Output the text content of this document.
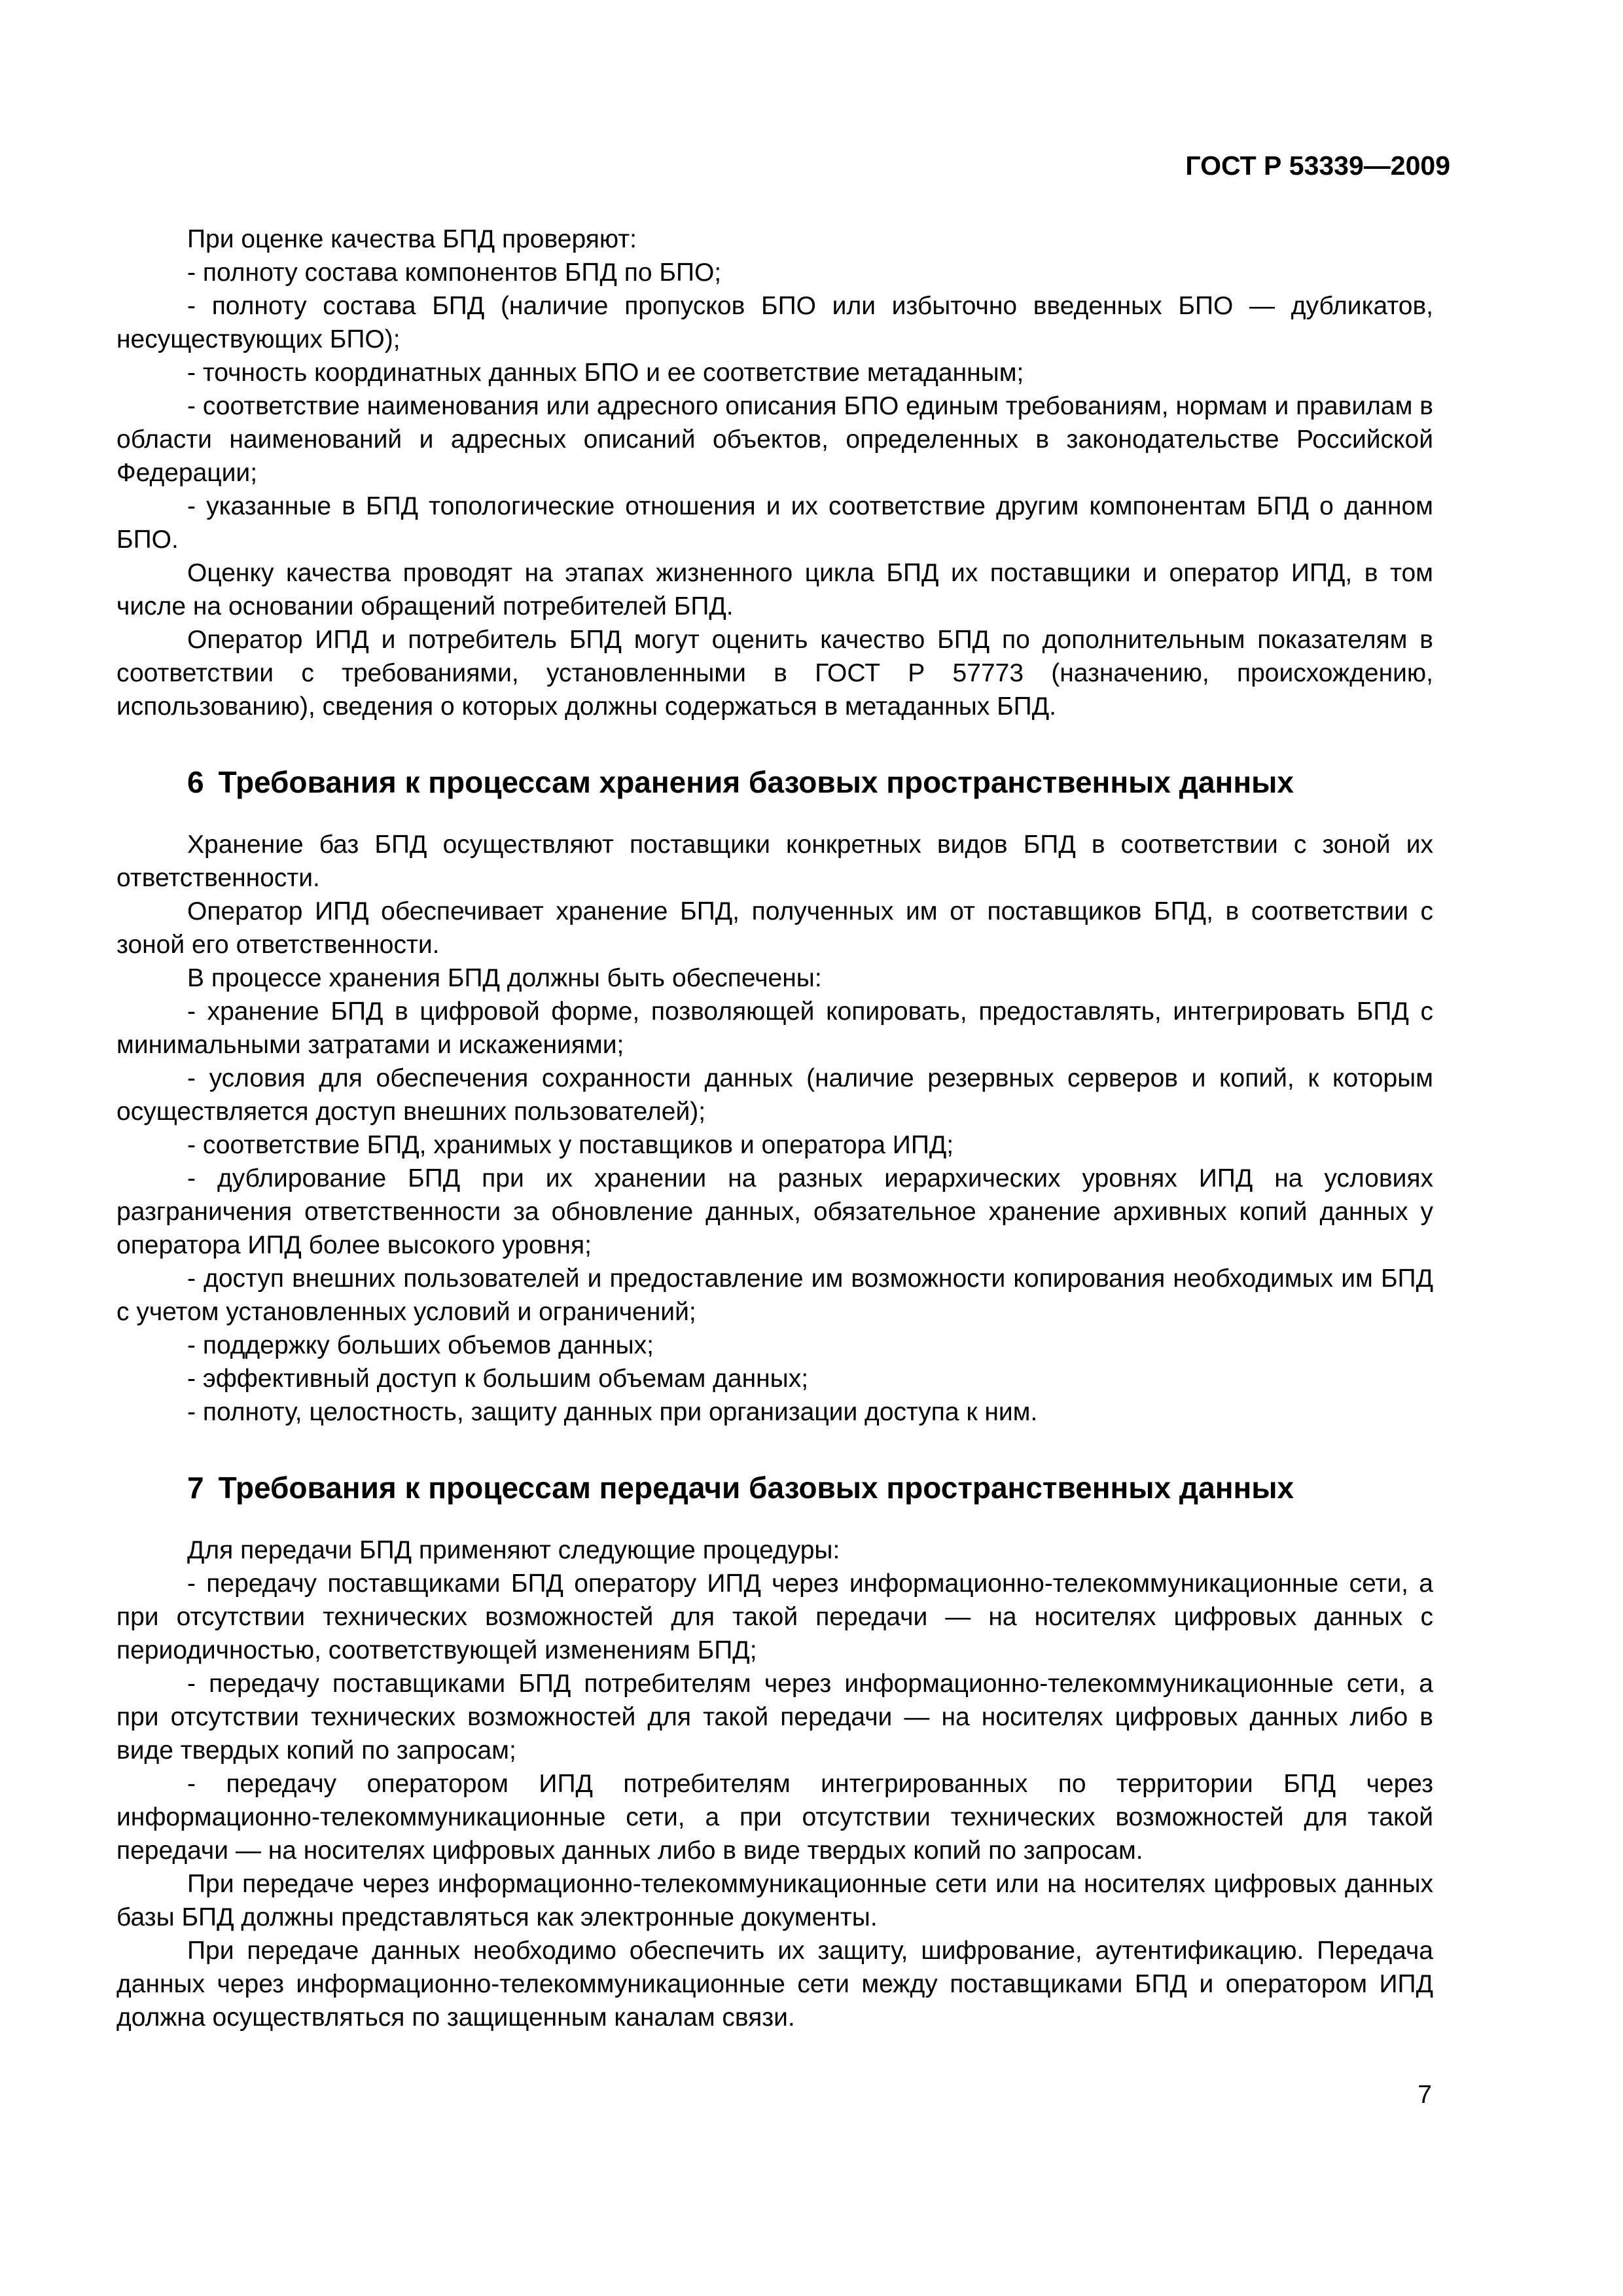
ГОСТ Р 53339—2009

При оценке качества БПД проверяют:

- полноту состава компонентов БПД по БПО;

- полноту состава БПД (наличие пропусков БПО или избыточно введенных БПО — дубликатов, несуществующих БПО);

- точность координатных данных БПО и ее соответствие метаданным;

- соответствие наименования или адресного описания БПО единым требованиям, нормам и правилам в области наименований и адресных описаний объектов, определенных в законодательстве Российской Федерации;

- указанные в БПД топологические отношения и их соответствие другим компонентам БПД о данном БПО.

Оценку качества проводят на этапах жизненного цикла БПД их поставщики и оператор ИПД, в том числе на основании обращений потребителей БПД.

Оператор ИПД и потребитель БПД могут оценить качество БПД по дополнительным показателям в соответствии с требованиями, установленными в ГОСТ Р 57773 (назначению, происхождению, использованию), сведения о которых должны содержаться в метаданных БПД.

6 Требования к процессам хранения базовых пространственных данных

Хранение баз БПД осуществляют поставщики конкретных видов БПД в соответствии с зоной их ответственности.

Оператор ИПД обеспечивает хранение БПД, полученных им от поставщиков БПД, в соответствии с зоной его ответственности.

В процессе хранения БПД должны быть обеспечены:

- хранение БПД в цифровой форме, позволяющей копировать, предоставлять, интегрировать БПД с минимальными затратами и искажениями;

- условия для обеспечения сохранности данных (наличие резервных серверов и копий, к которым осуществляется доступ внешних пользователей);

- соответствие БПД, хранимых у поставщиков и оператора ИПД;

- дублирование БПД при их хранении на разных иерархических уровнях ИПД на условиях разграничения ответственности за обновление данных, обязательное хранение архивных копий данных у оператора ИПД более высокого уровня;

- доступ внешних пользователей и предоставление им возможности копирования необходимых им БПД с учетом установленных условий и ограничений;

- поддержку больших объемов данных;

- эффективный доступ к большим объемам данных;

- полноту, целостность, защиту данных при организации доступа к ним.

7 Требования к процессам передачи базовых пространственных данных

Для передачи БПД применяют следующие процедуры:

- передачу поставщиками БПД оператору ИПД через информационно-телекоммуникационные сети, а при отсутствии технических возможностей для такой передачи — на носителях цифровых данных с периодичностью, соответствующей изменениям БПД;

- передачу поставщиками БПД потребителям через информационно-телекоммуникационные сети, а при отсутствии технических возможностей для такой передачи — на носителях цифровых данных либо в виде твердых копий по запросам;

- передачу оператором ИПД потребителям интегрированных по территории БПД через информационно-телекоммуникационные сети, а при отсутствии технических возможностей для такой передачи — на носителях цифровых данных либо в виде твердых копий по запросам.

При передаче через информационно-телекоммуникационные сети или на носителях цифровых данных базы БПД должны представляться как электронные документы.

При передаче данных необходимо обеспечить их защиту, шифрование, аутентификацию. Передача данных через информационно-телекоммуникационные сети между поставщиками БПД и оператором ИПД должна осуществляться по защищенным каналам связи.

7
